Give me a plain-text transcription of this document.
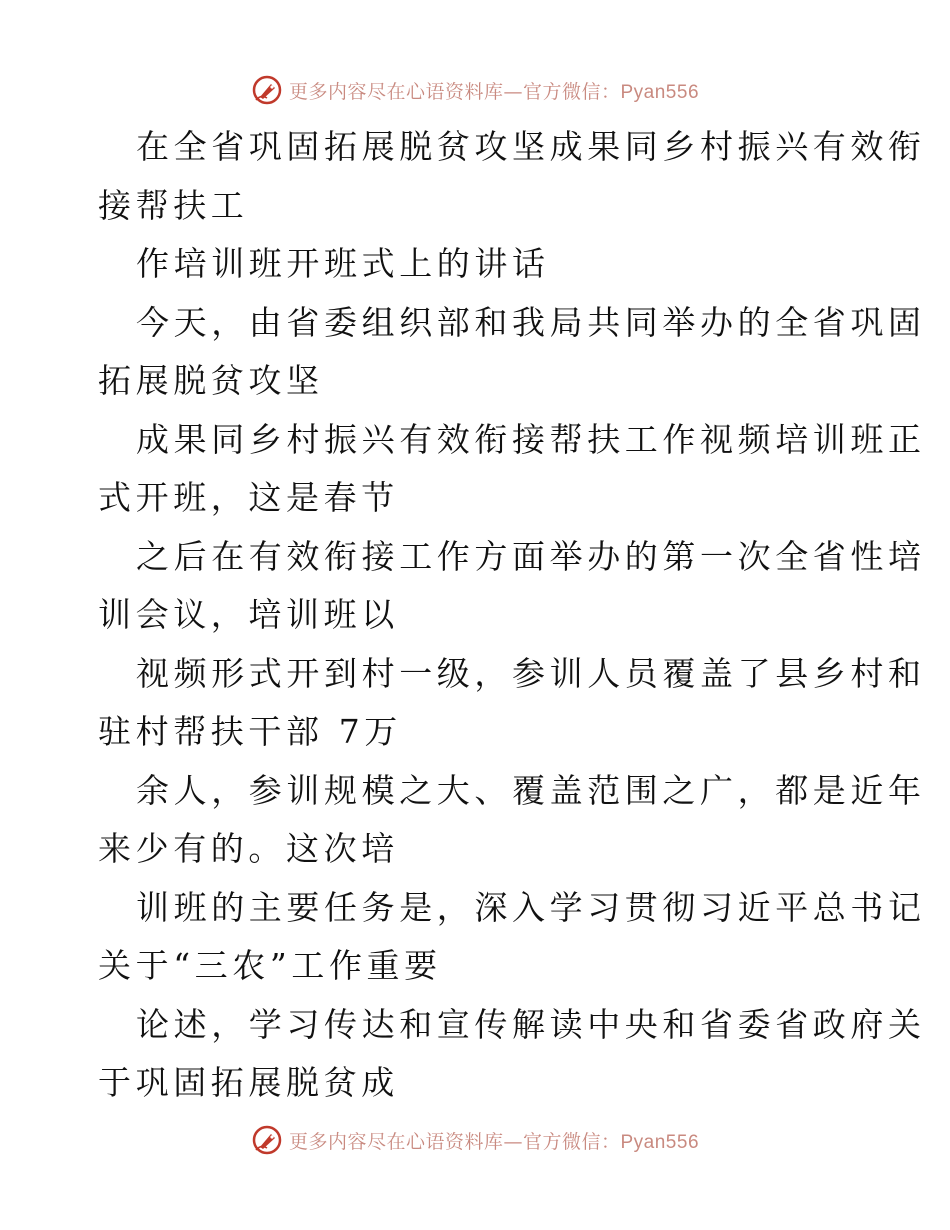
更多内容尽在心语资料库—官方微信：Pyan556
在全省巩固拓展脱贫攻坚成果同乡村振兴有效衔
接帮扶工
作培训班开班式上的讲话
今天，由省委组织部和我局共同举办的全省巩固
拓展脱贫攻坚
成果同乡村振兴有效衔接帮扶工作视频培训班正
式开班，这是春节
之后在有效衔接工作方面举办的第一次全省性培
训会议，培训班以
视频形式开到村一级，参训人员覆盖了县乡村和
驻村帮扶干部 7万
余人，参训规模之大、覆盖范围之广，都是近年
来少有的。这次培
训班的主要任务是，深入学习贯彻习近平总书记
关于“三农”工作重要
论述，学习传达和宣传解读中央和省委省政府关
于巩固拓展脱贫成
更多内容尽在心语资料库—官方微信：Pyan556
